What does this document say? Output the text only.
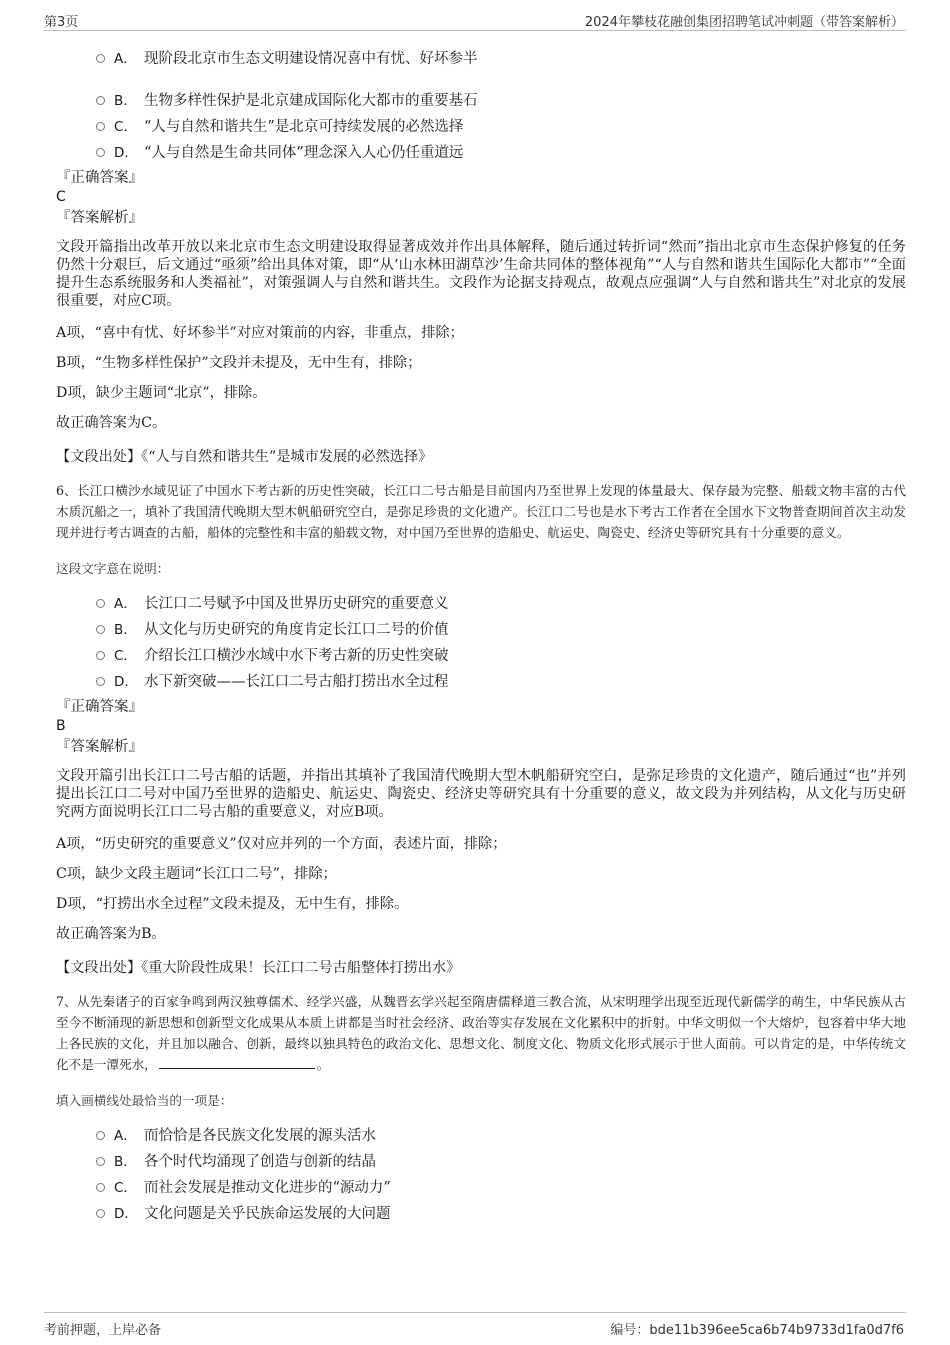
第3页	2024年攀枝花融创集团招聘笔试冲刺题（带答案解析）
A． 现阶段北京市生态文明建设情况喜中有忧、好坏参半
B． 生物多样性保护是北京建成国际化大都市的重要基石
C． “人与自然和谐共生”是北京可持续发展的必然选择
D． “人与自然是生命共同体”理念深入人心仍任重道远
『正确答案』
C
『答案解析』
文段开篇指出改革开放以来北京市生态文明建设取得显著成效并作出具体解释，随后通过转折词“然而”指出北京市生态保护修复的任务仍然十分艰巨，后文通过“亟须”给出具体对策，即“从‘山水林田湖草沙’生命共同体的整体视角”“人与自然和谐共生国际化大都市”“全面提升生态系统服务和人类福祉”，对策强调人与自然和谐共生。文段作为论据支持观点，故观点应强调“人与自然和谐共生”对北京的发展很重要，对应C项。
A项，“喜中有忧、好坏参半”对应对策前的内容，非重点，排除；
B项，“生物多样性保护”文段并未提及，无中生有，排除；
D项，缺少主题词“北京”，排除。
故正确答案为C。
【文段出处】《“人与自然和谐共生”是城市发展的必然选择》
6、长江口横沙水域见证了中国水下考古新的历史性突破，长江口二号古船是目前国内乃至世界上发现的体量最大、保存最为完整、船载文物丰富的古代木质沉船之一，填补了我国清代晚期大型木帆船研究空白，是弥足珍贵的文化遗产。长江口二号也是水下考古工作者在全国水下文物普查期间首次主动发现并进行考古调查的古船，船体的完整性和丰富的船载文物，对中国乃至世界的造船史、航运史、陶瓷史、经济史等研究具有十分重要的意义。
这段文字意在说明：
A． 长江口二号赋予中国及世界历史研究的重要意义
B． 从文化与历史研究的角度肯定长江口二号的价值
C． 介绍长江口横沙水域中水下考古新的历史性突破
D． 水下新突破——长江口二号古船打捞出水全过程
『正确答案』
B
『答案解析』
文段开篇引出长江口二号古船的话题，并指出其填补了我国清代晚期大型木帆船研究空白，是弥足珍贵的文化遗产，随后通过“也”并列提出长江口二号对中国乃至世界的造船史、航运史、陶瓷史、经济史等研究具有十分重要的意义，故文段为并列结构，从文化与历史研究两方面说明长江口二号古船的重要意义，对应B项。
A项，“历史研究的重要意义”仅对应并列的一个方面，表述片面，排除；
C项，缺少文段主题词“长江口二号”，排除；
D项，“打捞出水全过程”文段未提及，无中生有，排除。
故正确答案为B。
【文段出处】《重大阶段性成果！长江口二号古船整体打捞出水》
7、从先秦诸子的百家争鸣到两汉独尊儒术、经学兴盛，从魏晋玄学兴起至隋唐儒释道三教合流，从宋明理学出现至近现代新儒学的萌生，中华民族从古至今不断涌现的新思想和创新型文化成果从本质上讲都是当时社会经济、政治等实存发展在文化累积中的折射。中华文明似一个大熔炉，包容着中华大地上各民族的文化，并且加以融合、创新，最终以独具特色的政治文化、思想文化、制度文化、物质文化形式展示于世人面前。可以肯定的是，中华传统文化不是一潭死水，	。
填入画横线处最恰当的一项是：
A． 而恰恰是各民族文化发展的源头活水
B． 各个时代均涌现了创造与创新的结晶
C． 而社会发展是推动文化进步的“源动力”
D． 文化问题是关乎民族命运发展的大问题
考前押题，上岸必备	编号：bde11b396ee5ca6b74b9733d1fa0d7f6
